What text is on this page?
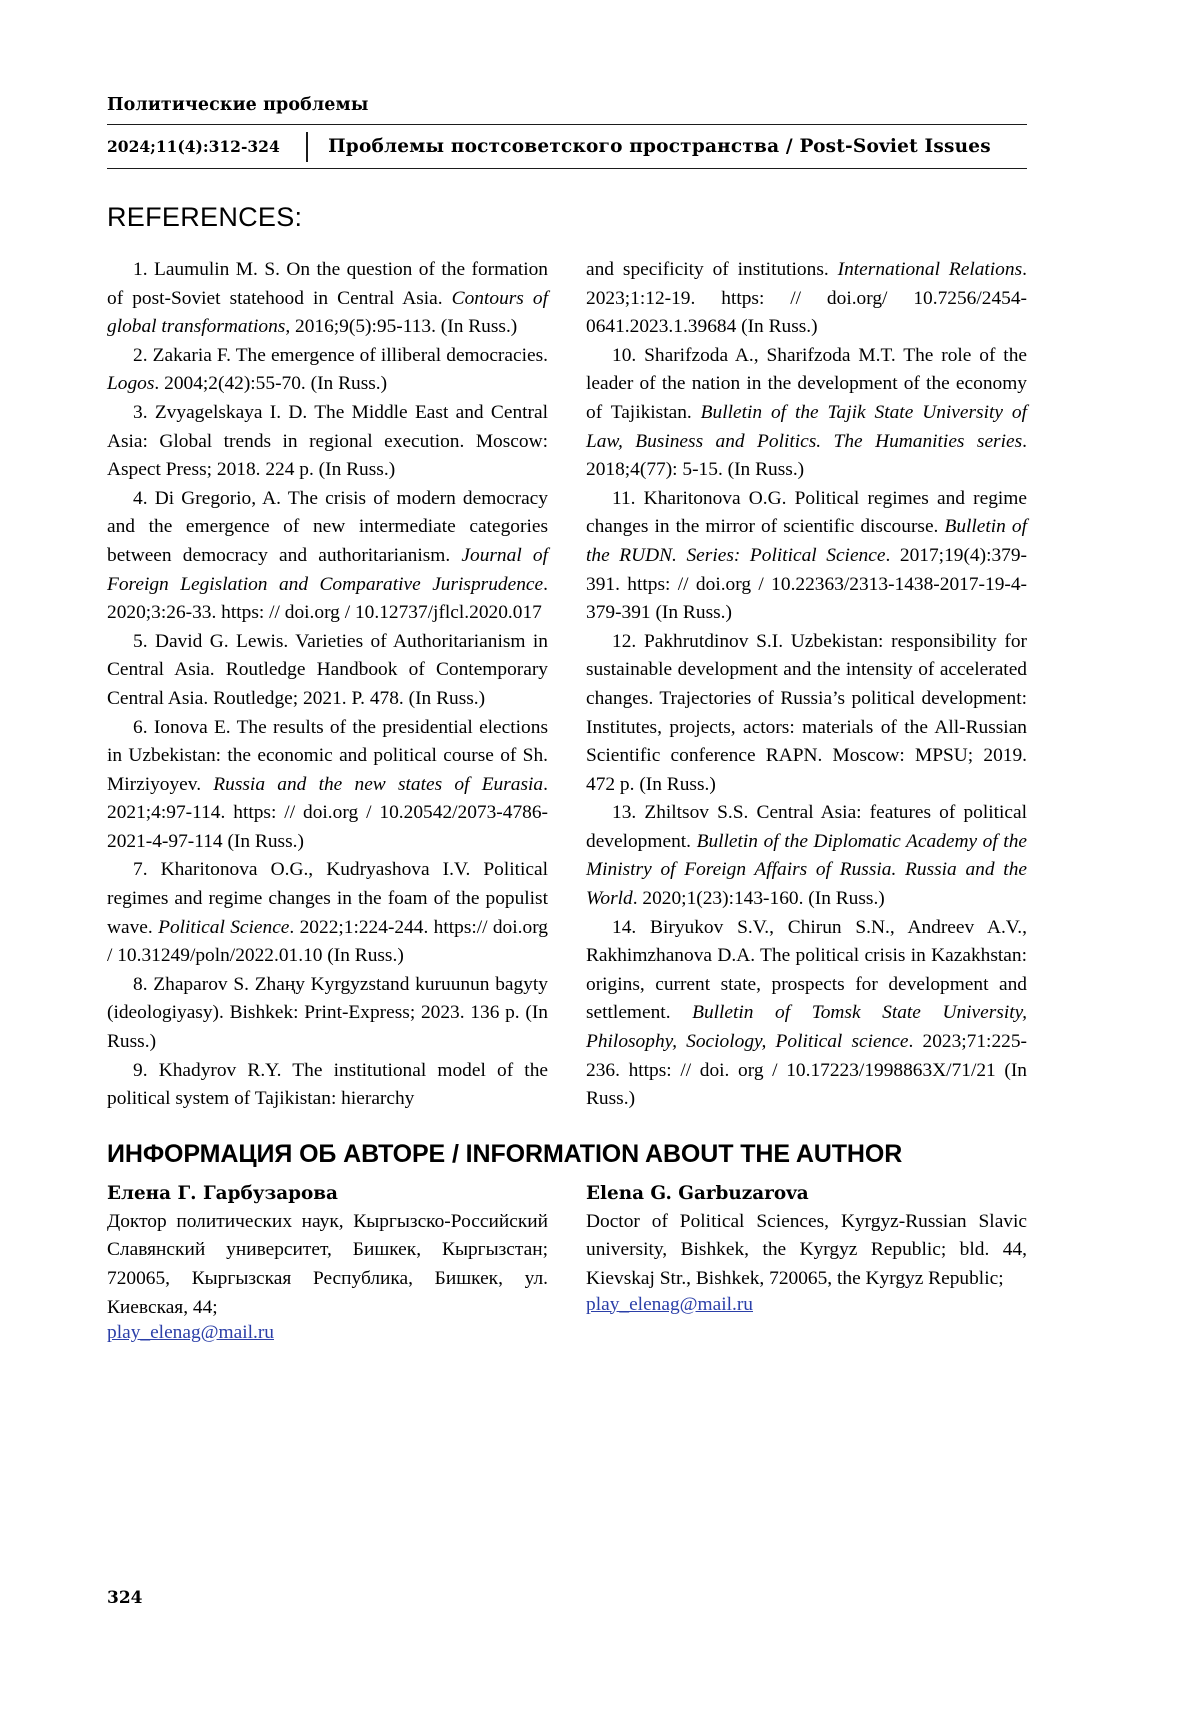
Политические проблемы
2024;11(4):312-324	Проблемы постсоветского пространства / Post-Soviet Issues
REFERENCES:

1. Laumulin M. S. On the question of the formation of post-Soviet statehood in Central Asia. Contours of global transformations, 2016;9(5):95-113. (In Russ.)

2. Zakaria F. The emergence of illiberal democracies. Logos. 2004;2(42):55-70. (In Russ.)

3. Zvyagelskaya I. D. The Middle East and Central Asia: Global trends in regional execution. Moscow: Aspect Press; 2018. 224 p. (In Russ.)

4. Di Gregorio, A. The crisis of modern democracy and the emergence of new intermediate categories between democracy and authoritarianism. Journal of Foreign Legislation and Comparative Jurisprudence. 2020;3:26-33. https: // doi.org / 10.12737/jflcl.2020.017

5. David G. Lewis. Varieties of Authoritarianism in Central Asia. Routledge Handbook of Contemporary Central Asia. Routledge; 2021. P. 478. (In Russ.)

6. Ionova E. The results of the presidential elections in Uzbekistan: the economic and political course of Sh. Mirziyoyev. Russia and the new states of Eurasia. 2021;4:97-114. https: // doi.org / 10.20542/2073-4786-2021-4-97-114 (In Russ.)

7. Kharitonova O.G., Kudryashova I.V. Political regimes and regime changes in the foam of the populist wave. Political Science. 2022;1:224-244. https:// doi.org / 10.31249/poln/2022.01.10 (In Russ.)

8. Zhaparov S. Zhaңy Kyrgyzstand kuruunun bagyty (ideologiyasy). Bishkek: Print-Express; 2023. 136 p. (In Russ.)

9. Khadyrov R.Y. The institutional model of the political system of Tajikistan: hierarchy

and specificity of institutions. International Relations. 2023;1:12-19. https: // doi.org/ 10.7256/2454-0641.2023.1.39684 (In Russ.)

10. Sharifzoda A., Sharifzoda M.T. The role of the leader of the nation in the development of the economy of Tajikistan. Bulletin of the Tajik State University of Law, Business and Politics. The Humanities series. 2018;4(77): 5-15. (In Russ.)

11. Kharitonova O.G. Political regimes and regime changes in the mirror of scientific discourse. Bulletin of the RUDN. Series: Political Science. 2017;19(4):379-391. https: // doi.org / 10.22363/2313-1438-2017-19-4-379-391 (In Russ.)

12. Pakhrutdinov S.I. Uzbekistan: responsibility for sustainable development and the intensity of accelerated changes. Trajectories of Russia’s political development: Institutes, projects, actors: materials of the All-Russian Scientific conference RAPN. Moscow: MPSU; 2019. 472 p. (In Russ.)

13. Zhiltsov S.S. Central Asia: features of political development. Bulletin of the Diplomatic Academy of the Ministry of Foreign Affairs of Russia. Russia and the World. 2020;1(23):143-160. (In Russ.)

14. Biryukov S.V., Chirun S.N., Andreev A.V., Rakhimzhanova D.A. The political crisis in Kazakhstan: origins, current state, prospects for development and settlement. Bulletin of Tomsk State University, Philosophy, Sociology, Political science. 2023;71:225-236. https: // doi. org / 10.17223/1998863X/71/21 (In Russ.)

ИНФОРМАЦИЯ ОБ АВТОРЕ / INFORMATION ABOUT THE AUTHOR
Елена Г. Гарбузарова

Доктор политических наук, Кыргызско-Российский Славянский университет, Бишкек, Кыргызстан; 720065, Кыргызская Республика, Бишкек, ул. Киевская, 44;

play_elenag@mail.ru
Elena G. Garbuzarova

Doctor of Political Sciences, Kyrgyz-Russian Slavic university, Bishkek, the Kyrgyz Republic; bld. 44, Kievskaj Str., Bishkek, 720065, the Kyrgyz Republic;

play_elenag@mail.ru
324
